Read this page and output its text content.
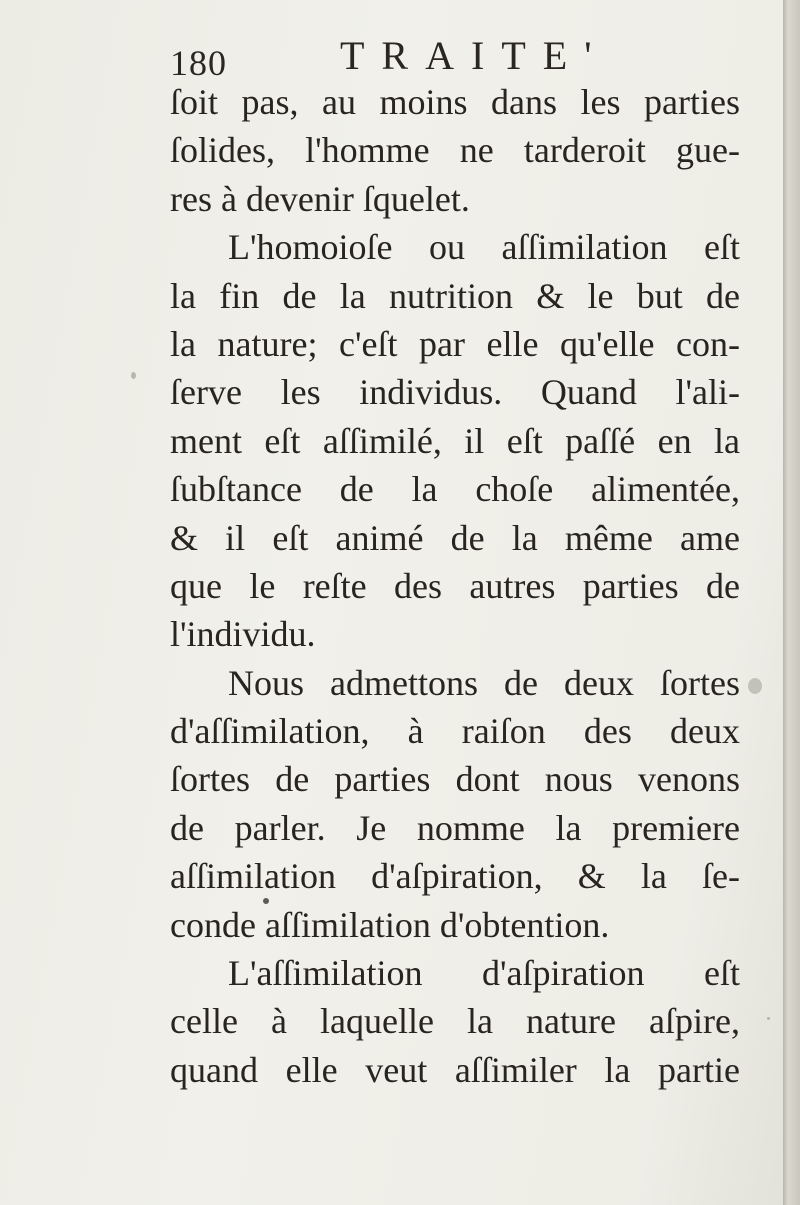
180	TRAITE'
ſoit pas, au moins dans les parties
ſolides, l'homme ne tarderoit gue-
res à devenir ſquelet.
L'homoioſe ou aſſimilation eſt
la fin de la nutrition & le but de
la nature; c'eſt par elle qu'elle con-
ſerve les individus. Quand l'ali-
ment eſt aſſimilé, il eſt paſſé en la
ſubſtance de la choſe alimentée,
& il eſt animé de la même ame
que le reſte des autres parties de
l'individu.
Nous admettons de deux ſortes
d'aſſimilation, à raiſon des deux
ſortes de parties dont nous venons
de parler. Je nomme la premiere
aſſimilation d'aſpiration, & la ſe-
conde aſſimilation d'obtention.
L'aſſimilation d'aſpiration eſt
celle à laquelle la nature aſpire,
quand elle veut aſſimiler la partie
